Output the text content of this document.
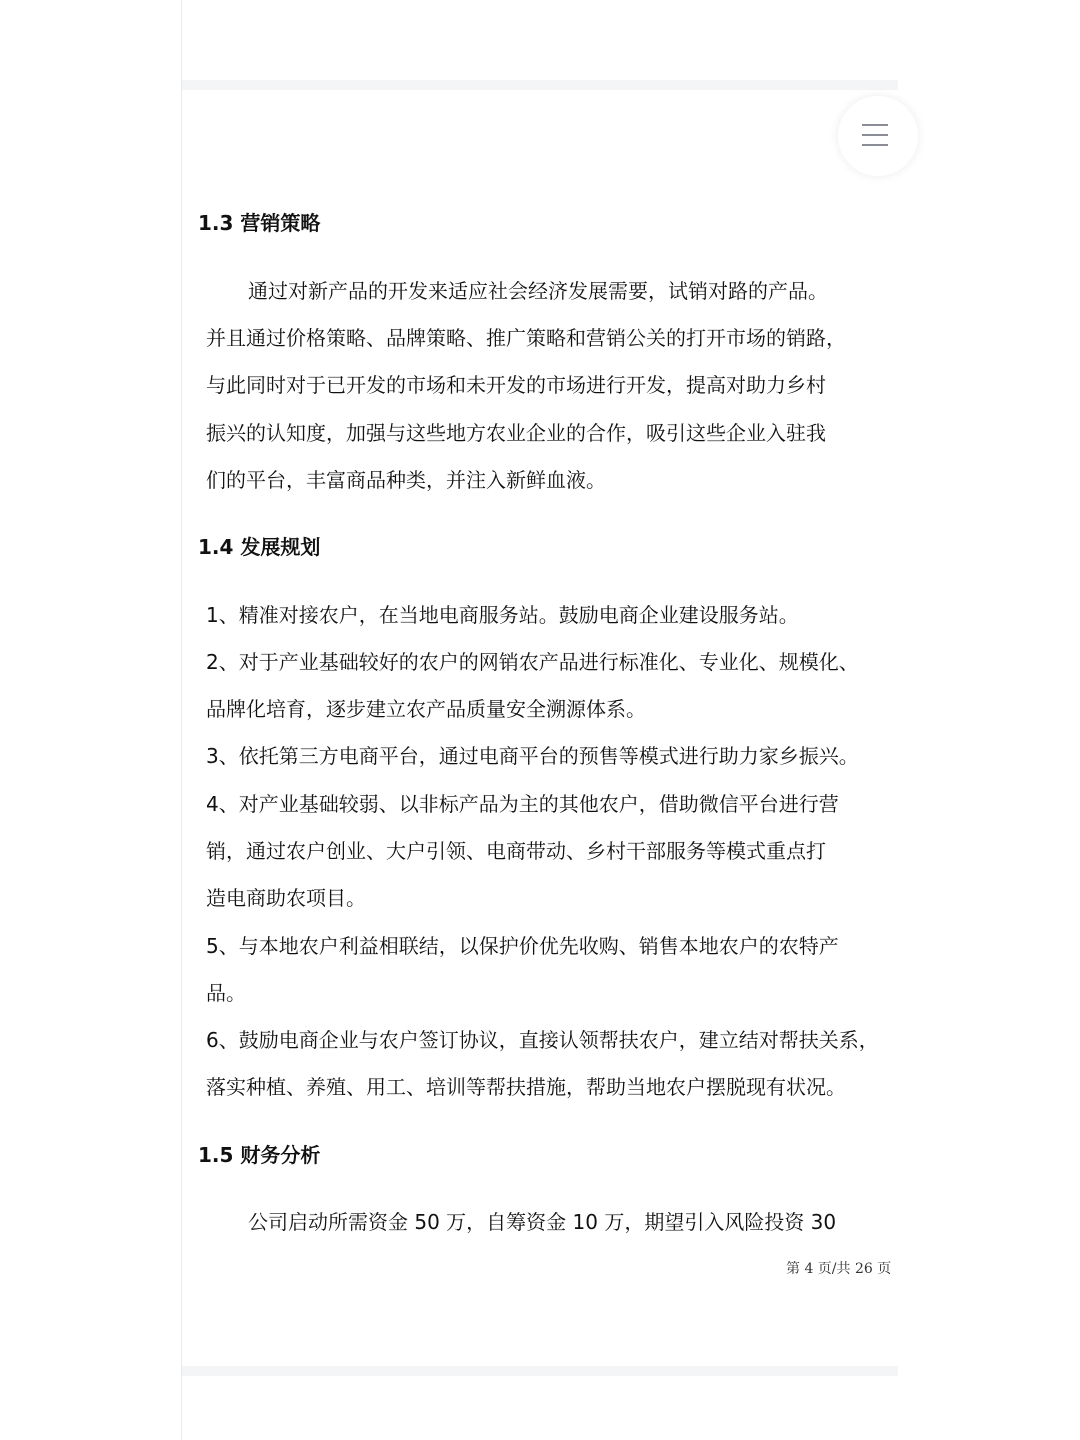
1.3 营销策略

通过对新产品的开发来适应社会经济发展需要，试销对路的产品。

并且通过价格策略、品牌策略、推广策略和营销公关的打开市场的销路，

与此同时对于已开发的市场和未开发的市场进行开发，提高对助力乡村

振兴的认知度，加强与这些地方农业企业的合作，吸引这些企业入驻我

们的平台，丰富商品种类，并注入新鲜血液。

1.4 发展规划

1、精准对接农户，在当地电商服务站。鼓励电商企业建设服务站。

2、对于产业基础较好的农户的网销农产品进行标准化、专业化、规模化、

品牌化培育，逐步建立农产品质量安全溯源体系。

3、依托第三方电商平台，通过电商平台的预售等模式进行助力家乡振兴。

4、对产业基础较弱、以非标产品为主的其他农户，借助微信平台进行营

销，通过农户创业、大户引领、电商带动、乡村干部服务等模式重点打

造电商助农项目。

5、与本地农户利益相联结，以保护价优先收购、销售本地农户的农特产

品。

6、鼓励电商企业与农户签订协议，直接认领帮扶农户，建立结对帮扶关系，

落实种植、养殖、用工、培训等帮扶措施，帮助当地农户摆脱现有状况。

1.5 财务分析

公司启动所需资金 50 万，自筹资金 10 万，期望引入风险投资 30

第 4 页/共 26 页
